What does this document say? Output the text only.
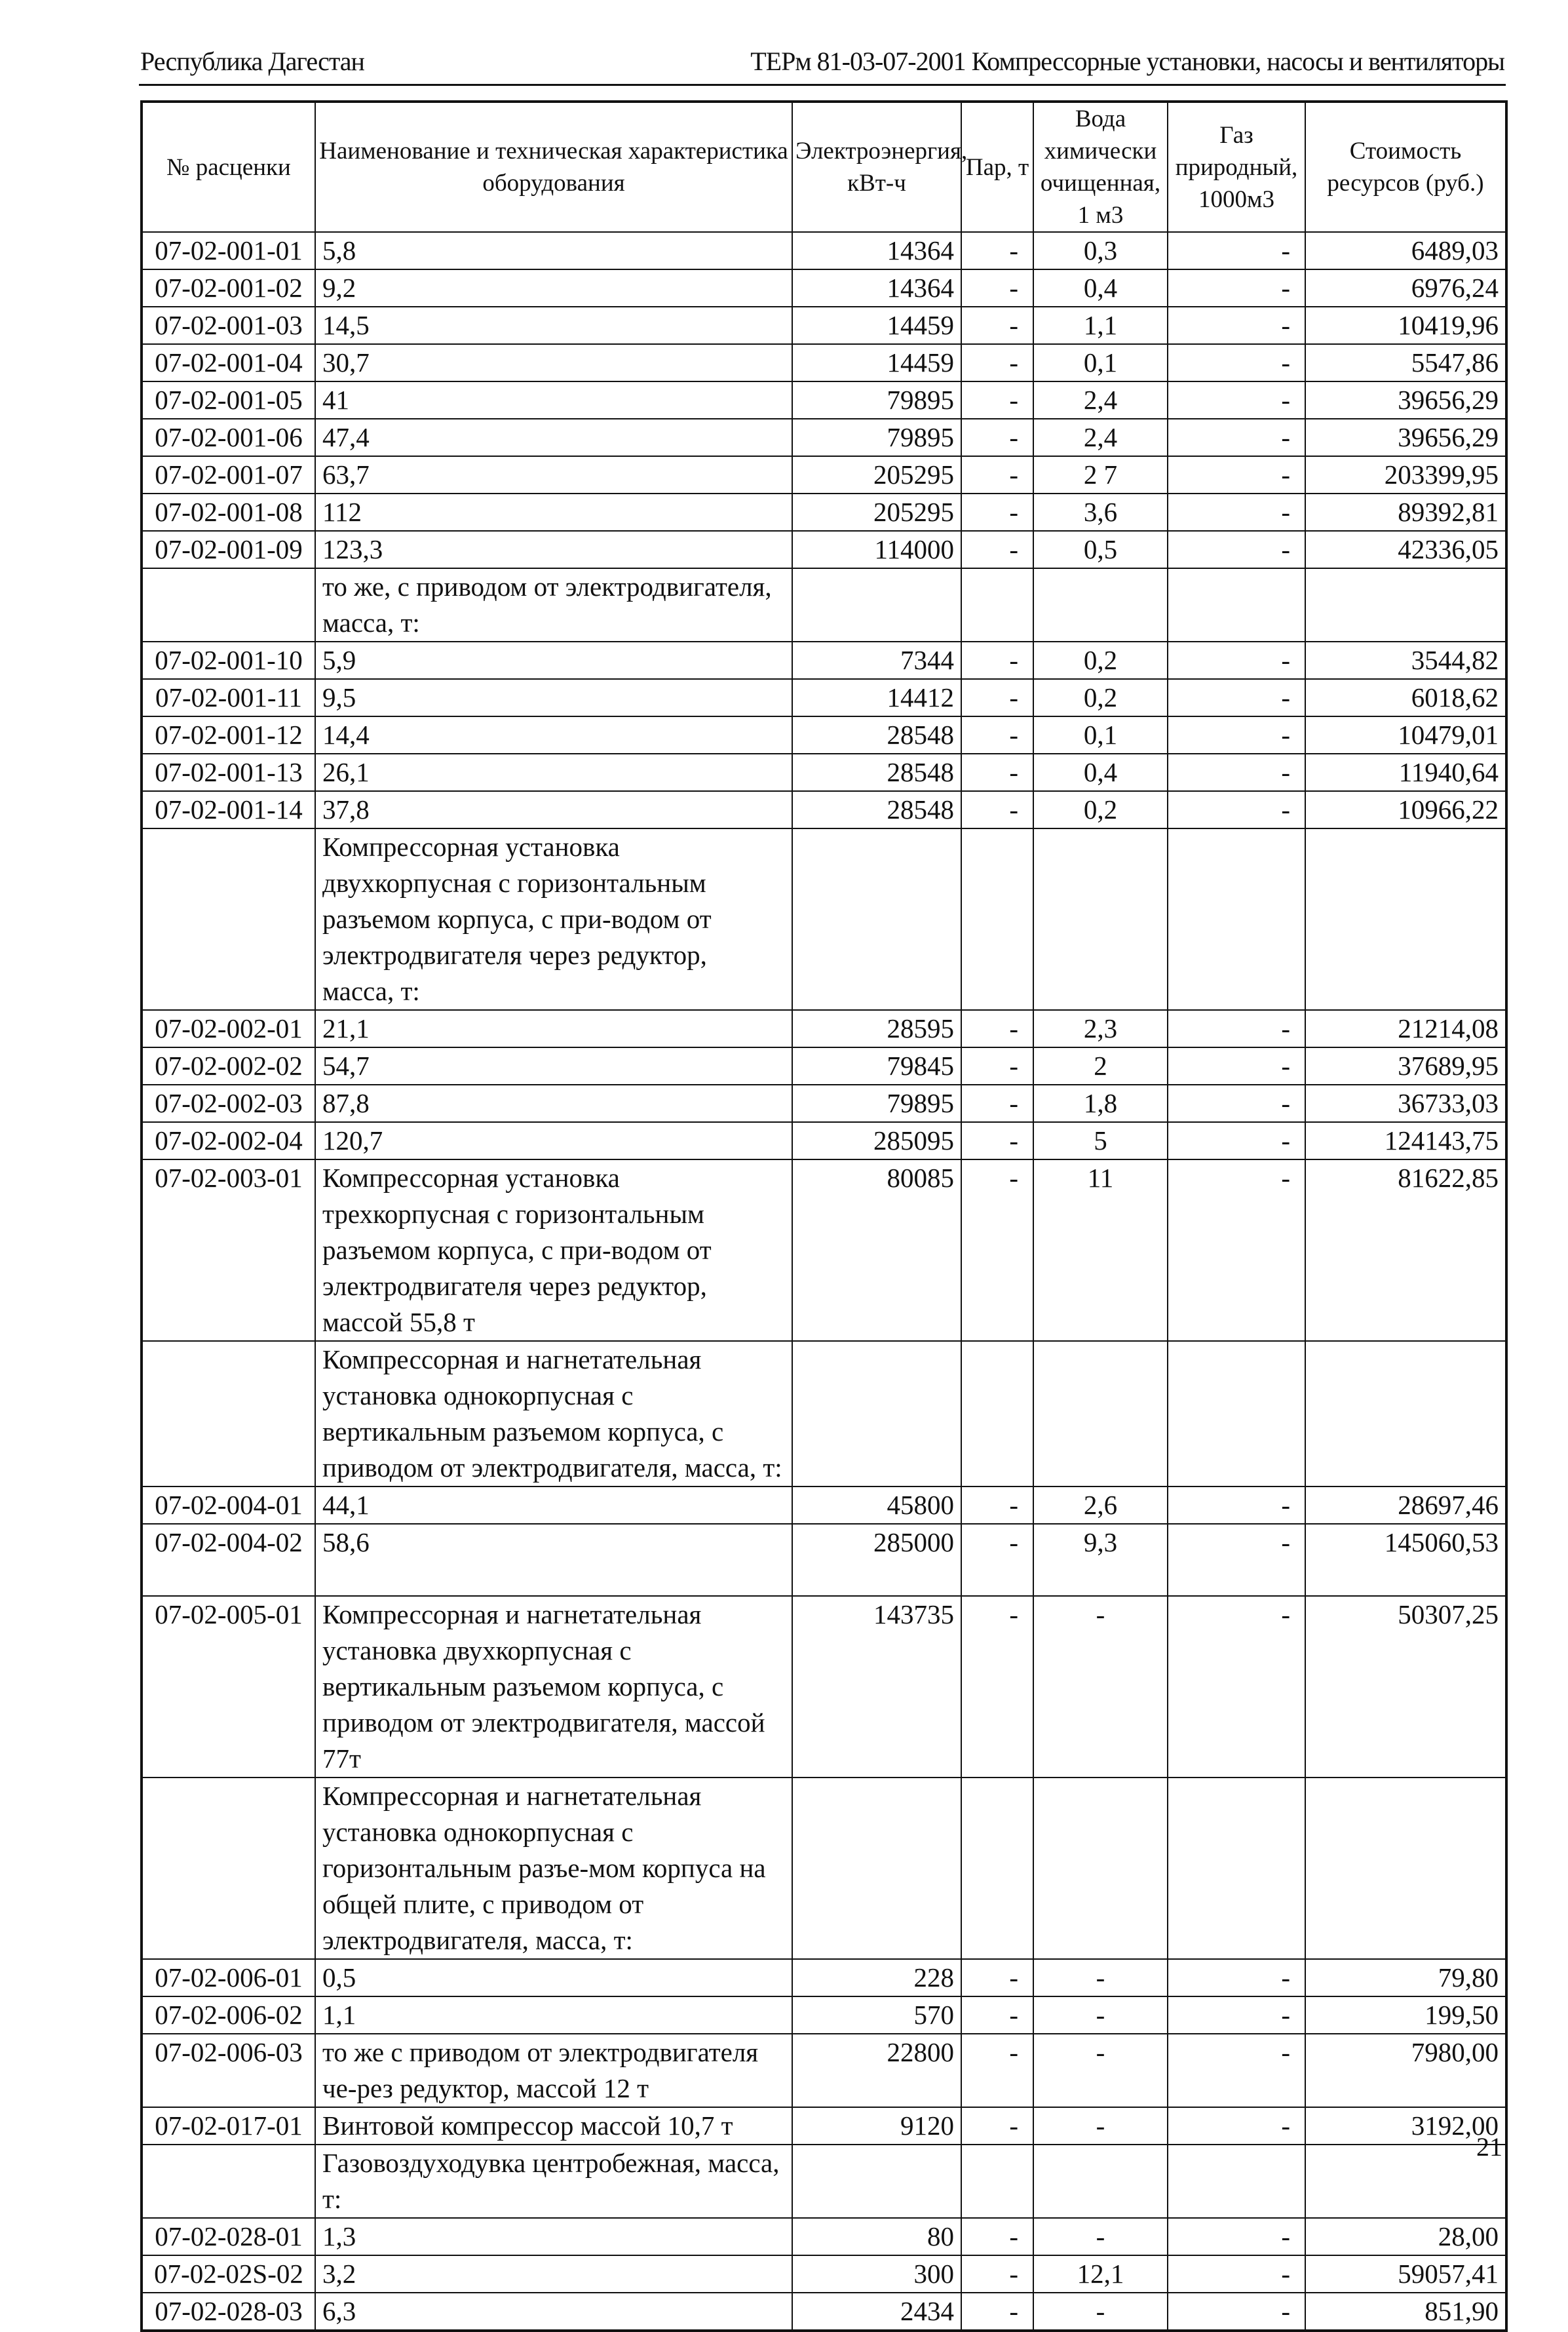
Республика Дагестан	ТЕРм 81-03-07-2001 Компрессорные установки, насосы и вентиляторы
№ расценки	Наименование и техническая характеристика оборудования	Электроэнергия, кВт-ч	Пар, т	Вода химически очищенная, 1 м3	Газ природный, 1000м3	Стоимость ресурсов (руб.)
07-02-001-01	5,8	14364	-	0,3	-	6489,03
07-02-001-02	9,2	14364	-	0,4	-	6976,24
07-02-001-03	14,5	14459	-	1,1	-	10419,96
07-02-001-04	30,7	14459	-	0,1	-	5547,86
07-02-001-05	41	79895	-	2,4	-	39656,29
07-02-001-06	47,4	79895	-	2,4	-	39656,29
07-02-001-07	63,7	205295	-	2 7	-	203399,95
07-02-001-08	112	205295	-	3,6	-	89392,81
07-02-001-09	123,3	114000	-	0,5	-	42336,05
	то же, с приводом от электродвигателя, масса, т:					
07-02-001-10	5,9	7344	-	0,2	-	3544,82
07-02-001-11	9,5	14412	-	0,2	-	6018,62
07-02-001-12	14,4	28548	-	0,1	-	10479,01
07-02-001-13	26,1	28548	-	0,4	-	11940,64
07-02-001-14	37,8	28548	-	0,2	-	10966,22
	Компрессорная установка двухкорпусная с горизонтальным разъемом корпуса, с при-водом от электродвигателя через редуктор, масса, т:					
07-02-002-01	21,1	28595	-	2,3	-	21214,08
07-02-002-02	54,7	79845	-	2	-	37689,95
07-02-002-03	87,8	79895	-	1,8	-	36733,03
07-02-002-04	120,7	285095	-	5	-	124143,75
07-02-003-01	Компрессорная установка трехкорпусная с горизонтальным разъемом корпуса, с при-водом от электродвигателя через редуктор, массой 55,8 т	80085	-	11	-	81622,85
	Компрессорная и нагнетательная установка однокорпусная с вертикальным разъемом корпуса, с приводом от электродвигателя, масса, т:					
07-02-004-01	44,1	45800	-	2,6	-	28697,46
07-02-004-02	58,6	285000	-	9,3	-	145060,53
07-02-005-01	Компрессорная и нагнетательная установка двухкорпусная с вертикальным разъемом корпуса, с приводом от электродвигателя, массой 77т	143735	-	-	-	50307,25
	Компрессорная и нагнетательная установка однокорпусная с горизонтальным разъе-мом корпуса на общей плите, с приводом от электродвигателя, масса, т:					
07-02-006-01	0,5	228	-	-	-	79,80
07-02-006-02	1,1	570	-	-	-	199,50
07-02-006-03	то же с приводом от электродвигателя че-рез редуктор, массой 12 т	22800	-	-	-	7980,00
07-02-017-01	Винтовой компрессор массой 10,7 т	9120	-	-	-	3192,00
	Газовоздуходувка центробежная, масса, т:					
07-02-028-01	1,3	80	-	-	-	28,00
07-02-02S-02	3,2	300	-	12,1	-	59057,41
07-02-028-03	6,3	2434	-	-	-	851,90
21
